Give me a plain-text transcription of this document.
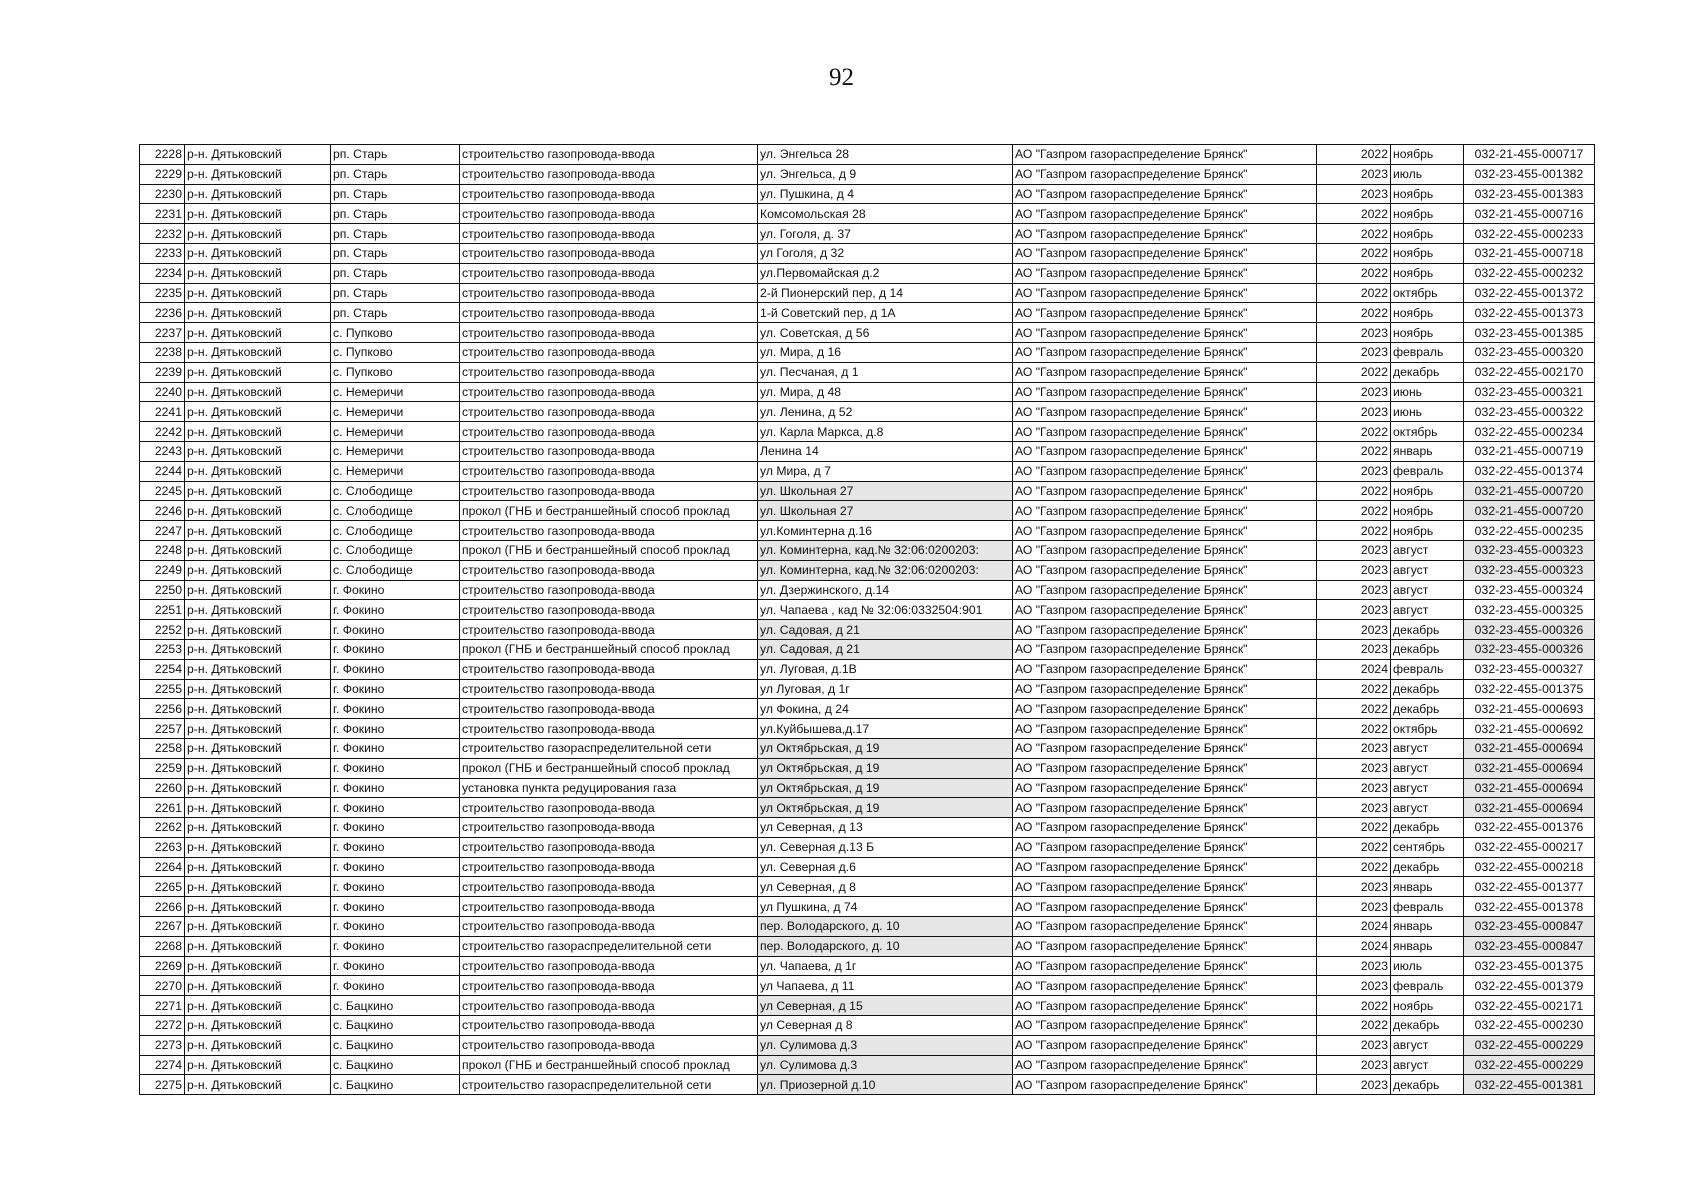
92
2228	р-н. Дятьковский	рп. Старь	строительство газопровода-ввода	ул. Энгельса 28	АО "Газпром газораспределение Брянск"	2022	ноябрь	032-21-455-000717
2229	р-н. Дятьковский	рп. Старь	строительство газопровода-ввода	ул. Энгельса, д 9	АО "Газпром газораспределение Брянск"	2023	июль	032-23-455-001382
2230	р-н. Дятьковский	рп. Старь	строительство газопровода-ввода	ул. Пушкина, д 4	АО "Газпром газораспределение Брянск"	2023	ноябрь	032-23-455-001383
2231	р-н. Дятьковский	рп. Старь	строительство газопровода-ввода	Комсомольская 28	АО "Газпром газораспределение Брянск"	2022	ноябрь	032-21-455-000716
2232	р-н. Дятьковский	рп. Старь	строительство газопровода-ввода	ул. Гоголя, д. 37	АО "Газпром газораспределение Брянск"	2022	ноябрь	032-22-455-000233
2233	р-н. Дятьковский	рп. Старь	строительство газопровода-ввода	ул Гоголя, д 32	АО "Газпром газораспределение Брянск"	2022	ноябрь	032-21-455-000718
2234	р-н. Дятьковский	рп. Старь	строительство газопровода-ввода	ул.Первомайская д.2	АО "Газпром газораспределение Брянск"	2022	ноябрь	032-22-455-000232
2235	р-н. Дятьковский	рп. Старь	строительство газопровода-ввода	2-й Пионерский пер, д 14	АО "Газпром газораспределение Брянск"	2022	октябрь	032-22-455-001372
2236	р-н. Дятьковский	рп. Старь	строительство газопровода-ввода	1-й Советский пер, д 1А	АО "Газпром газораспределение Брянск"	2022	ноябрь	032-22-455-001373
2237	р-н. Дятьковский	с. Пупково	строительство газопровода-ввода	ул. Советская, д 56	АО "Газпром газораспределение Брянск"	2023	ноябрь	032-23-455-001385
2238	р-н. Дятьковский	с. Пупково	строительство газопровода-ввода	ул. Мира, д 16	АО "Газпром газораспределение Брянск"	2023	февраль	032-23-455-000320
2239	р-н. Дятьковский	с. Пупково	строительство газопровода-ввода	ул. Песчаная, д 1	АО "Газпром газораспределение Брянск"	2022	декабрь	032-22-455-002170
2240	р-н. Дятьковский	с. Немеричи	строительство газопровода-ввода	ул. Мира, д 48	АО "Газпром газораспределение Брянск"	2023	июнь	032-23-455-000321
2241	р-н. Дятьковский	с. Немеричи	строительство газопровода-ввода	ул. Ленина, д 52	АО "Газпром газораспределение Брянск"	2023	июнь	032-23-455-000322
2242	р-н. Дятьковский	с. Немеричи	строительство газопровода-ввода	ул. Карла Маркса, д.8	АО "Газпром газораспределение Брянск"	2022	октябрь	032-22-455-000234
2243	р-н. Дятьковский	с. Немеричи	строительство газопровода-ввода	Ленина 14	АО "Газпром газораспределение Брянск"	2022	январь	032-21-455-000719
2244	р-н. Дятьковский	с. Немеричи	строительство газопровода-ввода	ул Мира, д 7	АО "Газпром газораспределение Брянск"	2023	февраль	032-22-455-001374
2245	р-н. Дятьковский	с. Слободище	строительство газопровода-ввода	ул. Школьная 27	АО "Газпром газораспределение Брянск"	2022	ноябрь	032-21-455-000720
2246	р-н. Дятьковский	с. Слободище	прокол (ГНБ и бестраншейный способ проклад	ул. Школьная 27	АО "Газпром газораспределение Брянск"	2022	ноябрь	032-21-455-000720
2247	р-н. Дятьковский	с. Слободище	строительство газопровода-ввода	ул.Коминтерна д.16	АО "Газпром газораспределение Брянск"	2022	ноябрь	032-22-455-000235
2248	р-н. Дятьковский	с. Слободище	прокол (ГНБ и бестраншейный способ проклад	ул. Коминтерна, кад.№ 32:06:0200203:	АО "Газпром газораспределение Брянск"	2023	август	032-23-455-000323
2249	р-н. Дятьковский	с. Слободище	строительство газопровода-ввода	ул. Коминтерна, кад.№ 32:06:0200203:	АО "Газпром газораспределение Брянск"	2023	август	032-23-455-000323
2250	р-н. Дятьковский	г. Фокино	строительство газопровода-ввода	ул. Дзержинского, д.14	АО "Газпром газораспределение Брянск"	2023	август	032-23-455-000324
2251	р-н. Дятьковский	г. Фокино	строительство газопровода-ввода	ул. Чапаева , кад № 32:06:0332504:901	АО "Газпром газораспределение Брянск"	2023	август	032-23-455-000325
2252	р-н. Дятьковский	г. Фокино	строительство газопровода-ввода	ул. Садовая, д 21	АО "Газпром газораспределение Брянск"	2023	декабрь	032-23-455-000326
2253	р-н. Дятьковский	г. Фокино	прокол (ГНБ и бестраншейный способ проклад	ул. Садовая, д 21	АО "Газпром газораспределение Брянск"	2023	декабрь	032-23-455-000326
2254	р-н. Дятьковский	г. Фокино	строительство газопровода-ввода	ул. Луговая, д.1В	АО "Газпром газораспределение Брянск"	2024	февраль	032-23-455-000327
2255	р-н. Дятьковский	г. Фокино	строительство газопровода-ввода	ул Луговая, д 1г	АО "Газпром газораспределение Брянск"	2022	декабрь	032-22-455-001375
2256	р-н. Дятьковский	г. Фокино	строительство газопровода-ввода	ул Фокина, д 24	АО "Газпром газораспределение Брянск"	2022	декабрь	032-21-455-000693
2257	р-н. Дятьковский	г. Фокино	строительство газопровода-ввода	ул.Куйбышева,д.17	АО "Газпром газораспределение Брянск"	2022	октябрь	032-21-455-000692
2258	р-н. Дятьковский	г. Фокино	строительство газораспределительной сети	ул Октябрьская, д 19	АО "Газпром газораспределение Брянск"	2023	август	032-21-455-000694
2259	р-н. Дятьковский	г. Фокино	прокол (ГНБ и бестраншейный способ проклад	ул Октябрьская, д 19	АО "Газпром газораспределение Брянск"	2023	август	032-21-455-000694
2260	р-н. Дятьковский	г. Фокино	установка пункта редуцирования газа	ул Октябрьская, д 19	АО "Газпром газораспределение Брянск"	2023	август	032-21-455-000694
2261	р-н. Дятьковский	г. Фокино	строительство газопровода-ввода	ул Октябрьская, д 19	АО "Газпром газораспределение Брянск"	2023	август	032-21-455-000694
2262	р-н. Дятьковский	г. Фокино	строительство газопровода-ввода	ул Северная, д 13	АО "Газпром газораспределение Брянск"	2022	декабрь	032-22-455-001376
2263	р-н. Дятьковский	г. Фокино	строительство газопровода-ввода	ул. Северная д.13 Б	АО "Газпром газораспределение Брянск"	2022	сентябрь	032-22-455-000217
2264	р-н. Дятьковский	г. Фокино	строительство газопровода-ввода	ул. Северная д.6	АО "Газпром газораспределение Брянск"	2022	декабрь	032-22-455-000218
2265	р-н. Дятьковский	г. Фокино	строительство газопровода-ввода	ул Северная, д 8	АО "Газпром газораспределение Брянск"	2023	январь	032-22-455-001377
2266	р-н. Дятьковский	г. Фокино	строительство газопровода-ввода	ул Пушкина, д 74	АО "Газпром газораспределение Брянск"	2023	февраль	032-22-455-001378
2267	р-н. Дятьковский	г. Фокино	строительство газопровода-ввода	пер. Володарского, д. 10	АО "Газпром газораспределение Брянск"	2024	январь	032-23-455-000847
2268	р-н. Дятьковский	г. Фокино	строительство газораспределительной сети	пер. Володарского, д. 10	АО "Газпром газораспределение Брянск"	2024	январь	032-23-455-000847
2269	р-н. Дятьковский	г. Фокино	строительство газопровода-ввода	ул. Чапаева, д 1г	АО "Газпром газораспределение Брянск"	2023	июль	032-23-455-001375
2270	р-н. Дятьковский	г. Фокино	строительство газопровода-ввода	ул Чапаева, д 11	АО "Газпром газораспределение Брянск"	2023	февраль	032-22-455-001379
2271	р-н. Дятьковский	с. Бацкино	строительство газопровода-ввода	ул Северная, д 15	АО "Газпром газораспределение Брянск"	2022	ноябрь	032-22-455-002171
2272	р-н. Дятьковский	с. Бацкино	строительство газопровода-ввода	ул Северная д 8	АО "Газпром газораспределение Брянск"	2022	декабрь	032-22-455-000230
2273	р-н. Дятьковский	с. Бацкино	строительство газопровода-ввода	ул. Сулимова д.3	АО "Газпром газораспределение Брянск"	2023	август	032-22-455-000229
2274	р-н. Дятьковский	с. Бацкино	прокол (ГНБ и бестраншейный способ проклад	ул. Сулимова д.3	АО "Газпром газораспределение Брянск"	2023	август	032-22-455-000229
2275	р-н. Дятьковский	с. Бацкино	строительство газораспределительной сети	ул. Приозерной д.10	АО "Газпром газораспределение Брянск"	2023	декабрь	032-22-455-001381
